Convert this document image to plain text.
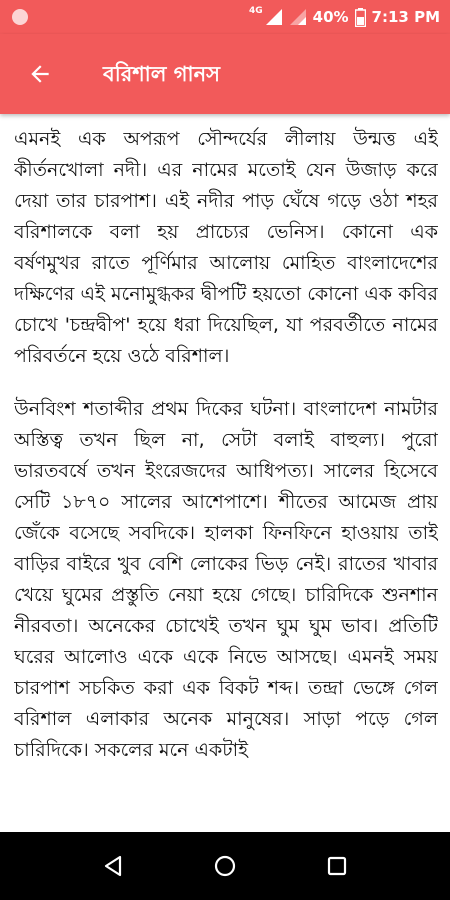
4G	40% 7:13 PM
বরিশাল গানস

এমনই এক অপরূপ সৌন্দর্যের লীলায় উন্মত্ত এই কীর্তনখোলা নদী। এর নামের মতোই যেন উজাড় করে দেয়া তার চারপাশ। এই নদীর পাড় ঘেঁষে গড়ে ওঠা শহর বরিশালকে বলা হয় প্রাচ্যের ভেনিস। কোনো এক বর্ষণমুখর রাতে পূর্ণিমার আলোয় মোহিত বাংলাদেশের দক্ষিণের এই মনোমুগ্ধকর দ্বীপটি হয়তো কোনো এক কবির চোখে 'চন্দ্রদ্বীপ' হয়ে ধরা দিয়েছিল, যা পরবর্তীতে নামের পরিবর্তনে হয়ে ওঠে বরিশাল।

উনবিংশ শতাব্দীর প্রথম দিকের ঘটনা। বাংলাদেশ নামটার অস্তিত্ব তখন ছিল না, সেটা বলাই বাহুল্য। পুরো ভারতবর্ষে তখন ইংরেজদের আধিপত্য। সালের হিসেবে সেটি ১৮৭০ সালের আশেপাশে। শীতের আমেজ প্রায় জেঁকে বসেছে সবদিকে। হালকা ফিনফিনে হাওয়ায় তাই বাড়ির বাইরে খুব বেশি লোকের ভিড় নেই। রাতের খাবার খেয়ে ঘুমের প্রস্তুতি নেয়া হয়ে গেছে। চারিদিকে শুনশান নীরবতা। অনেকের চোখেই তখন ঘুম ঘুম ভাব। প্রতিটি ঘরের আলোও একে একে নিভে আসছে। এমনই সময় চারপাশ সচকিত করা এক বিকট শব্দ। তন্দ্রা ভেঙ্গে গেল বরিশাল এলাকার অনেক মানুষের। সাড়া পড়ে গেল চারিদিকে। সকলের মনে একটাই
